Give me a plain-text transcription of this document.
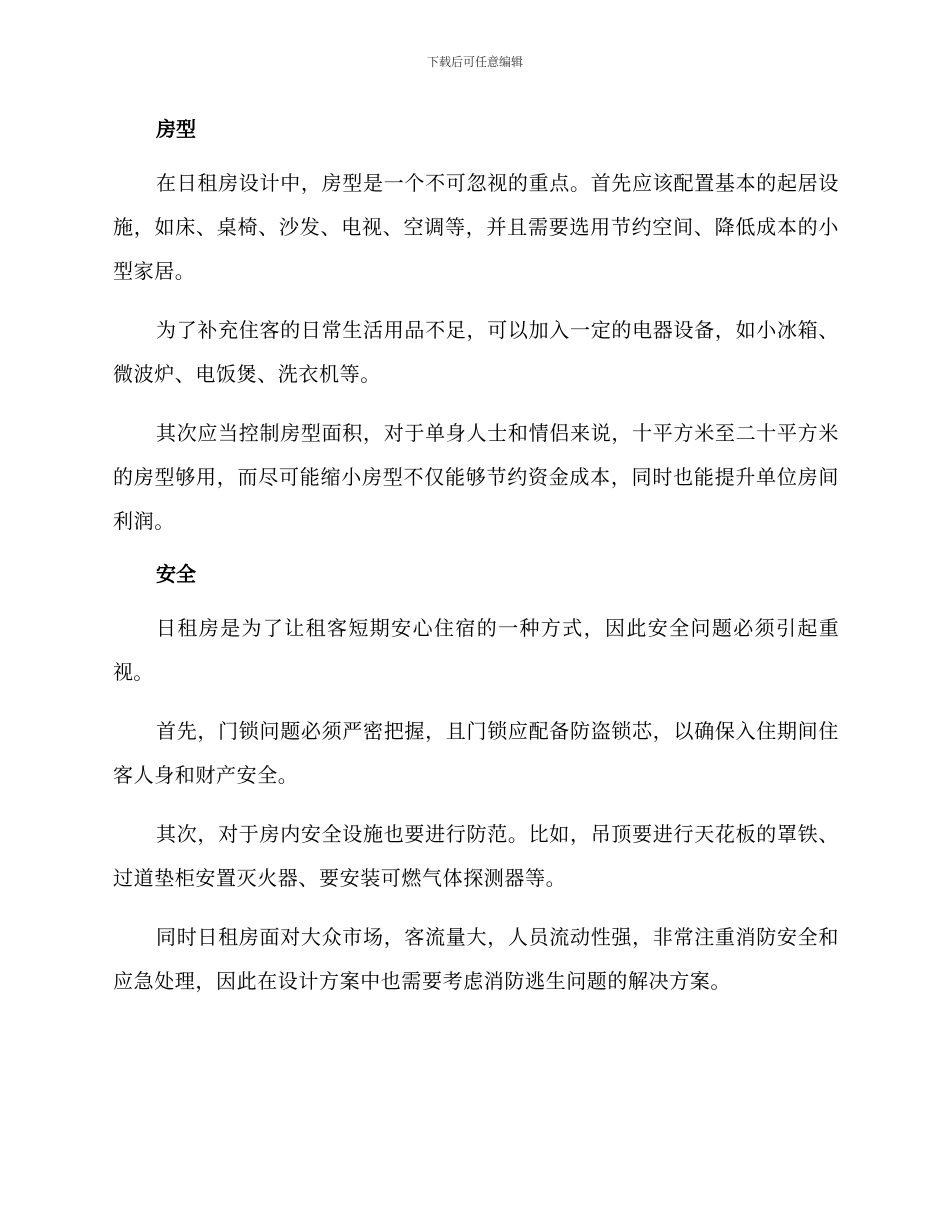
下载后可任意编辑
房型

在日租房设计中，房型是一个不可忽视的重点。首先应该配置基本的起居设施，如床、桌椅、沙发、电视、空调等，并且需要选用节约空间、降低成本的小型家居。

为了补充住客的日常生活用品不足，可以加入一定的电器设备，如小冰箱、微波炉、电饭煲、洗衣机等。

其次应当控制房型面积，对于单身人士和情侣来说，十平方米至二十平方米的房型够用，而尽可能缩小房型不仅能够节约资金成本，同时也能提升单位房间利润。

安全

日租房是为了让租客短期安心住宿的一种方式，因此安全问题必须引起重视。

首先，门锁问题必须严密把握，且门锁应配备防盗锁芯，以确保入住期间住客人身和财产安全。

其次，对于房内安全设施也要进行防范。比如，吊顶要进行天花板的罩铁、过道垫柜安置灭火器、要安装可燃气体探测器等。

同时日租房面对大众市场，客流量大，人员流动性强，非常注重消防安全和应急处理，因此在设计方案中也需要考虑消防逃生问题的解决方案。
